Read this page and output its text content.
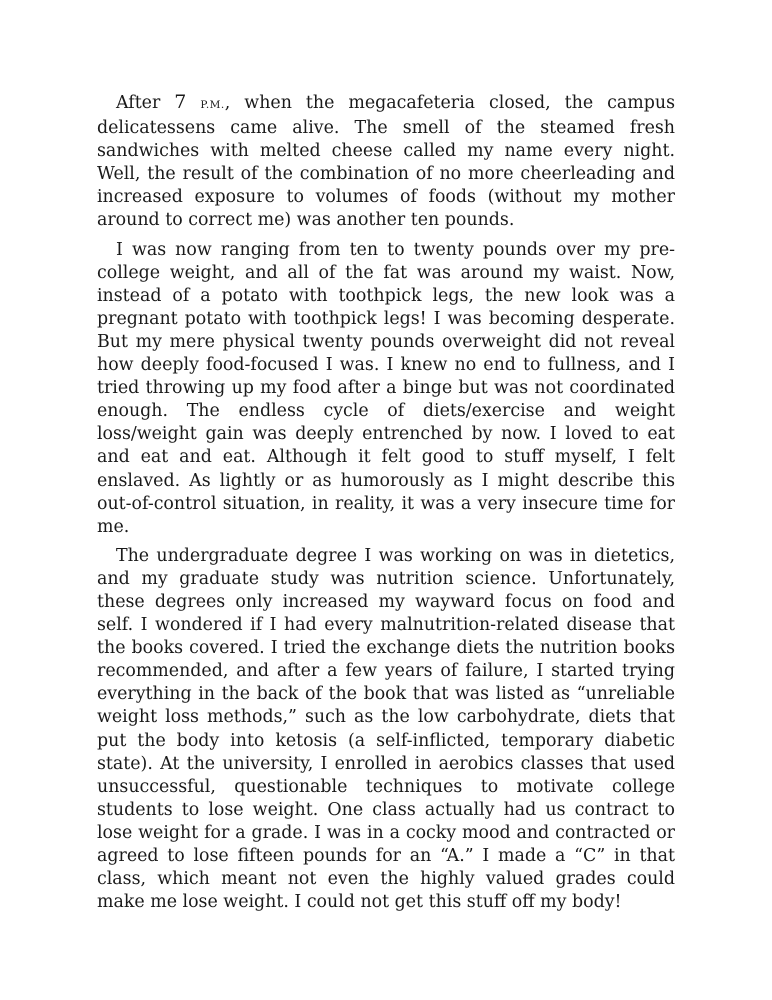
After 7 P.M., when the megacafeteria closed, the campus delicatessens came alive. The smell of the steamed fresh sandwiches with melted cheese called my name every night. Well, the result of the combination of no more cheerleading and increased exposure to volumes of foods (without my mother around to correct me) was another ten pounds.

I was now ranging from ten to twenty pounds over my pre-college weight, and all of the fat was around my waist. Now, instead of a potato with toothpick legs, the new look was a pregnant potato with toothpick legs! I was becoming desperate. But my mere physical twenty pounds overweight did not reveal how deeply food-focused I was. I knew no end to fullness, and I tried throwing up my food after a binge but was not coordinated enough. The endless cycle of diets/exercise and weight loss/weight gain was deeply entrenched by now. I loved to eat and eat and eat. Although it felt good to stuff myself, I felt enslaved. As lightly or as humorously as I might describe this out-of-control situation, in reality, it was a very insecure time for me.

The undergraduate degree I was working on was in dietetics, and my graduate study was nutrition science. Unfortunately, these degrees only increased my wayward focus on food and self. I wondered if I had every malnutrition-related disease that the books covered. I tried the exchange diets the nutrition books recommended, and after a few years of failure, I started trying everything in the back of the book that was listed as “unreliable weight loss methods,” such as the low carbohydrate, diets that put the body into ketosis (a self-inflicted, temporary diabetic state). At the university, I enrolled in aerobics classes that used unsuccessful, questionable techniques to motivate college students to lose weight. One class actually had us contract to lose weight for a grade. I was in a cocky mood and contracted or agreed to lose fifteen pounds for an “A.” I made a “C” in that class, which meant not even the highly valued grades could make me lose weight. I could not get this stuff off my body!
